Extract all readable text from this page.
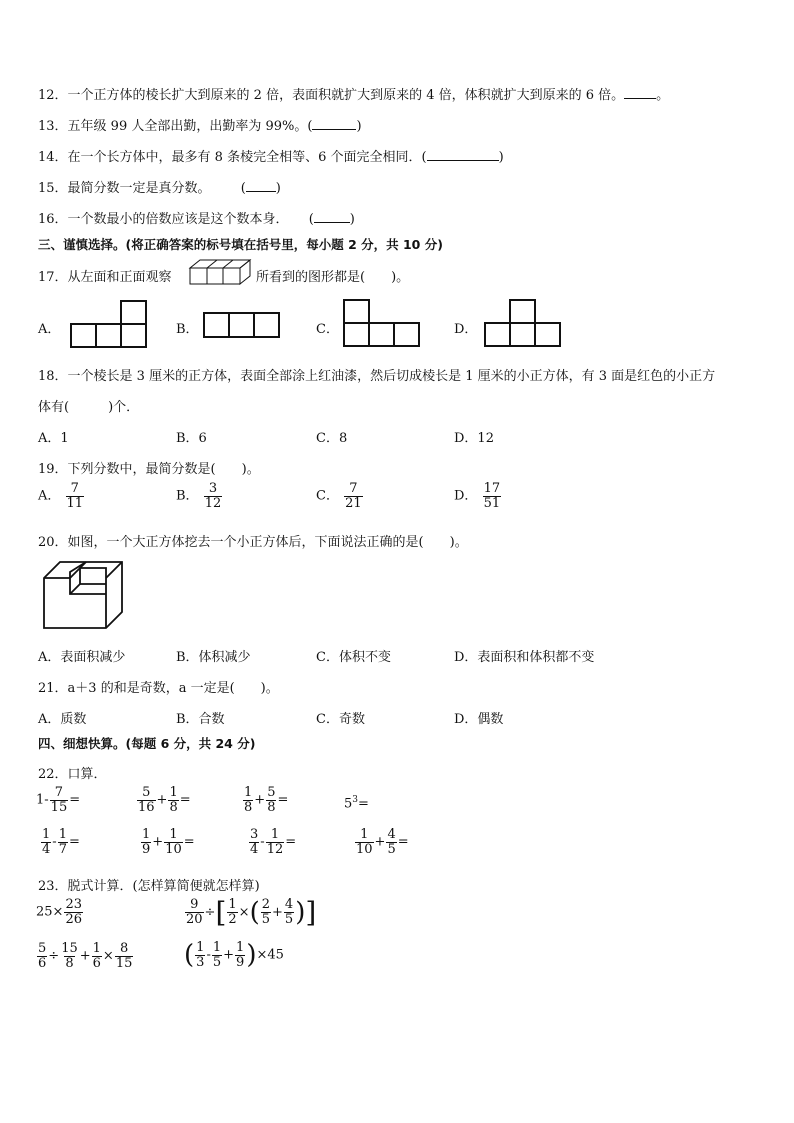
12．一个正方体的棱长扩大到原来的 2 倍，表面积就扩大到原来的 4 倍，体积就扩大到原来的 6 倍。 。
13．五年级 99 人全部出勤，出勤率为 99%。(	)
14．在一个长方体中，最多有 8 条棱完全相等、6 个面完全相同．(	)
15．最简分数一定是真分数。 ( )
16．一个数最小的倍数应该是这个数本身． (	)
三、谨慎选择。(将正确答案的标号填在括号里，每小题 2 分，共 10 分)
17．从左面和正面观察	所看到的图形都是(　　)。
A．	B．	C．	D．
18．一个棱长是 3 厘米的正方体，表面全部涂上红油漆，然后切成棱长是 1 厘米的小正方体，有 3 面是红色的小正方
体有(　　　)个．
A．1	B．6	C．8	D．12
19．下列分数中，最简分数是(　　)。
A． $\frac{7}{11}$	B． $\frac{3}{12}$	C． $\frac{7}{21}$	D． $\frac{17}{51}$
20．如图，一个大正方体挖去一个小正方体后，下面说法正确的是(　　)。
A．表面积减少	B．体积减少	C．体积不变	D．表面积和体积都不变
21．a＋3 的和是奇数，a 一定是(　　)。
A．质数	B．合数	C．奇数	D．偶数
四、细想快算。(每题 6 分，共 24 分)
22．口算．
$1- \frac{7}{15}$ =	$\frac{5}{16} + \frac{1}{8}$ =	$\frac{1}{8} + \frac{5}{8}$ =	$5^3=$
$\frac{1}{4} - \frac{1}{7}$ =	$\frac{1}{9} + \frac{1}{10}$ =	$\frac{3}{4} - \frac{1}{12}$ =	$\frac{1}{10} + \frac{4}{5}$ =
23．脱式计算．(怎样算简便就怎样算)
$25\times \frac{23}{26}$	$\frac{9}{20}$ ÷[ $\frac{1}{2}$ ×( $\frac{2}{5} + \frac{4}{5}$ )]
$\frac{5}{6} \div \frac{15}{8} + \frac{1}{6} \times \frac{8}{15}$ ( $\frac{1}{3} - \frac{1}{5} + \frac{1}{9} )\times 45$
